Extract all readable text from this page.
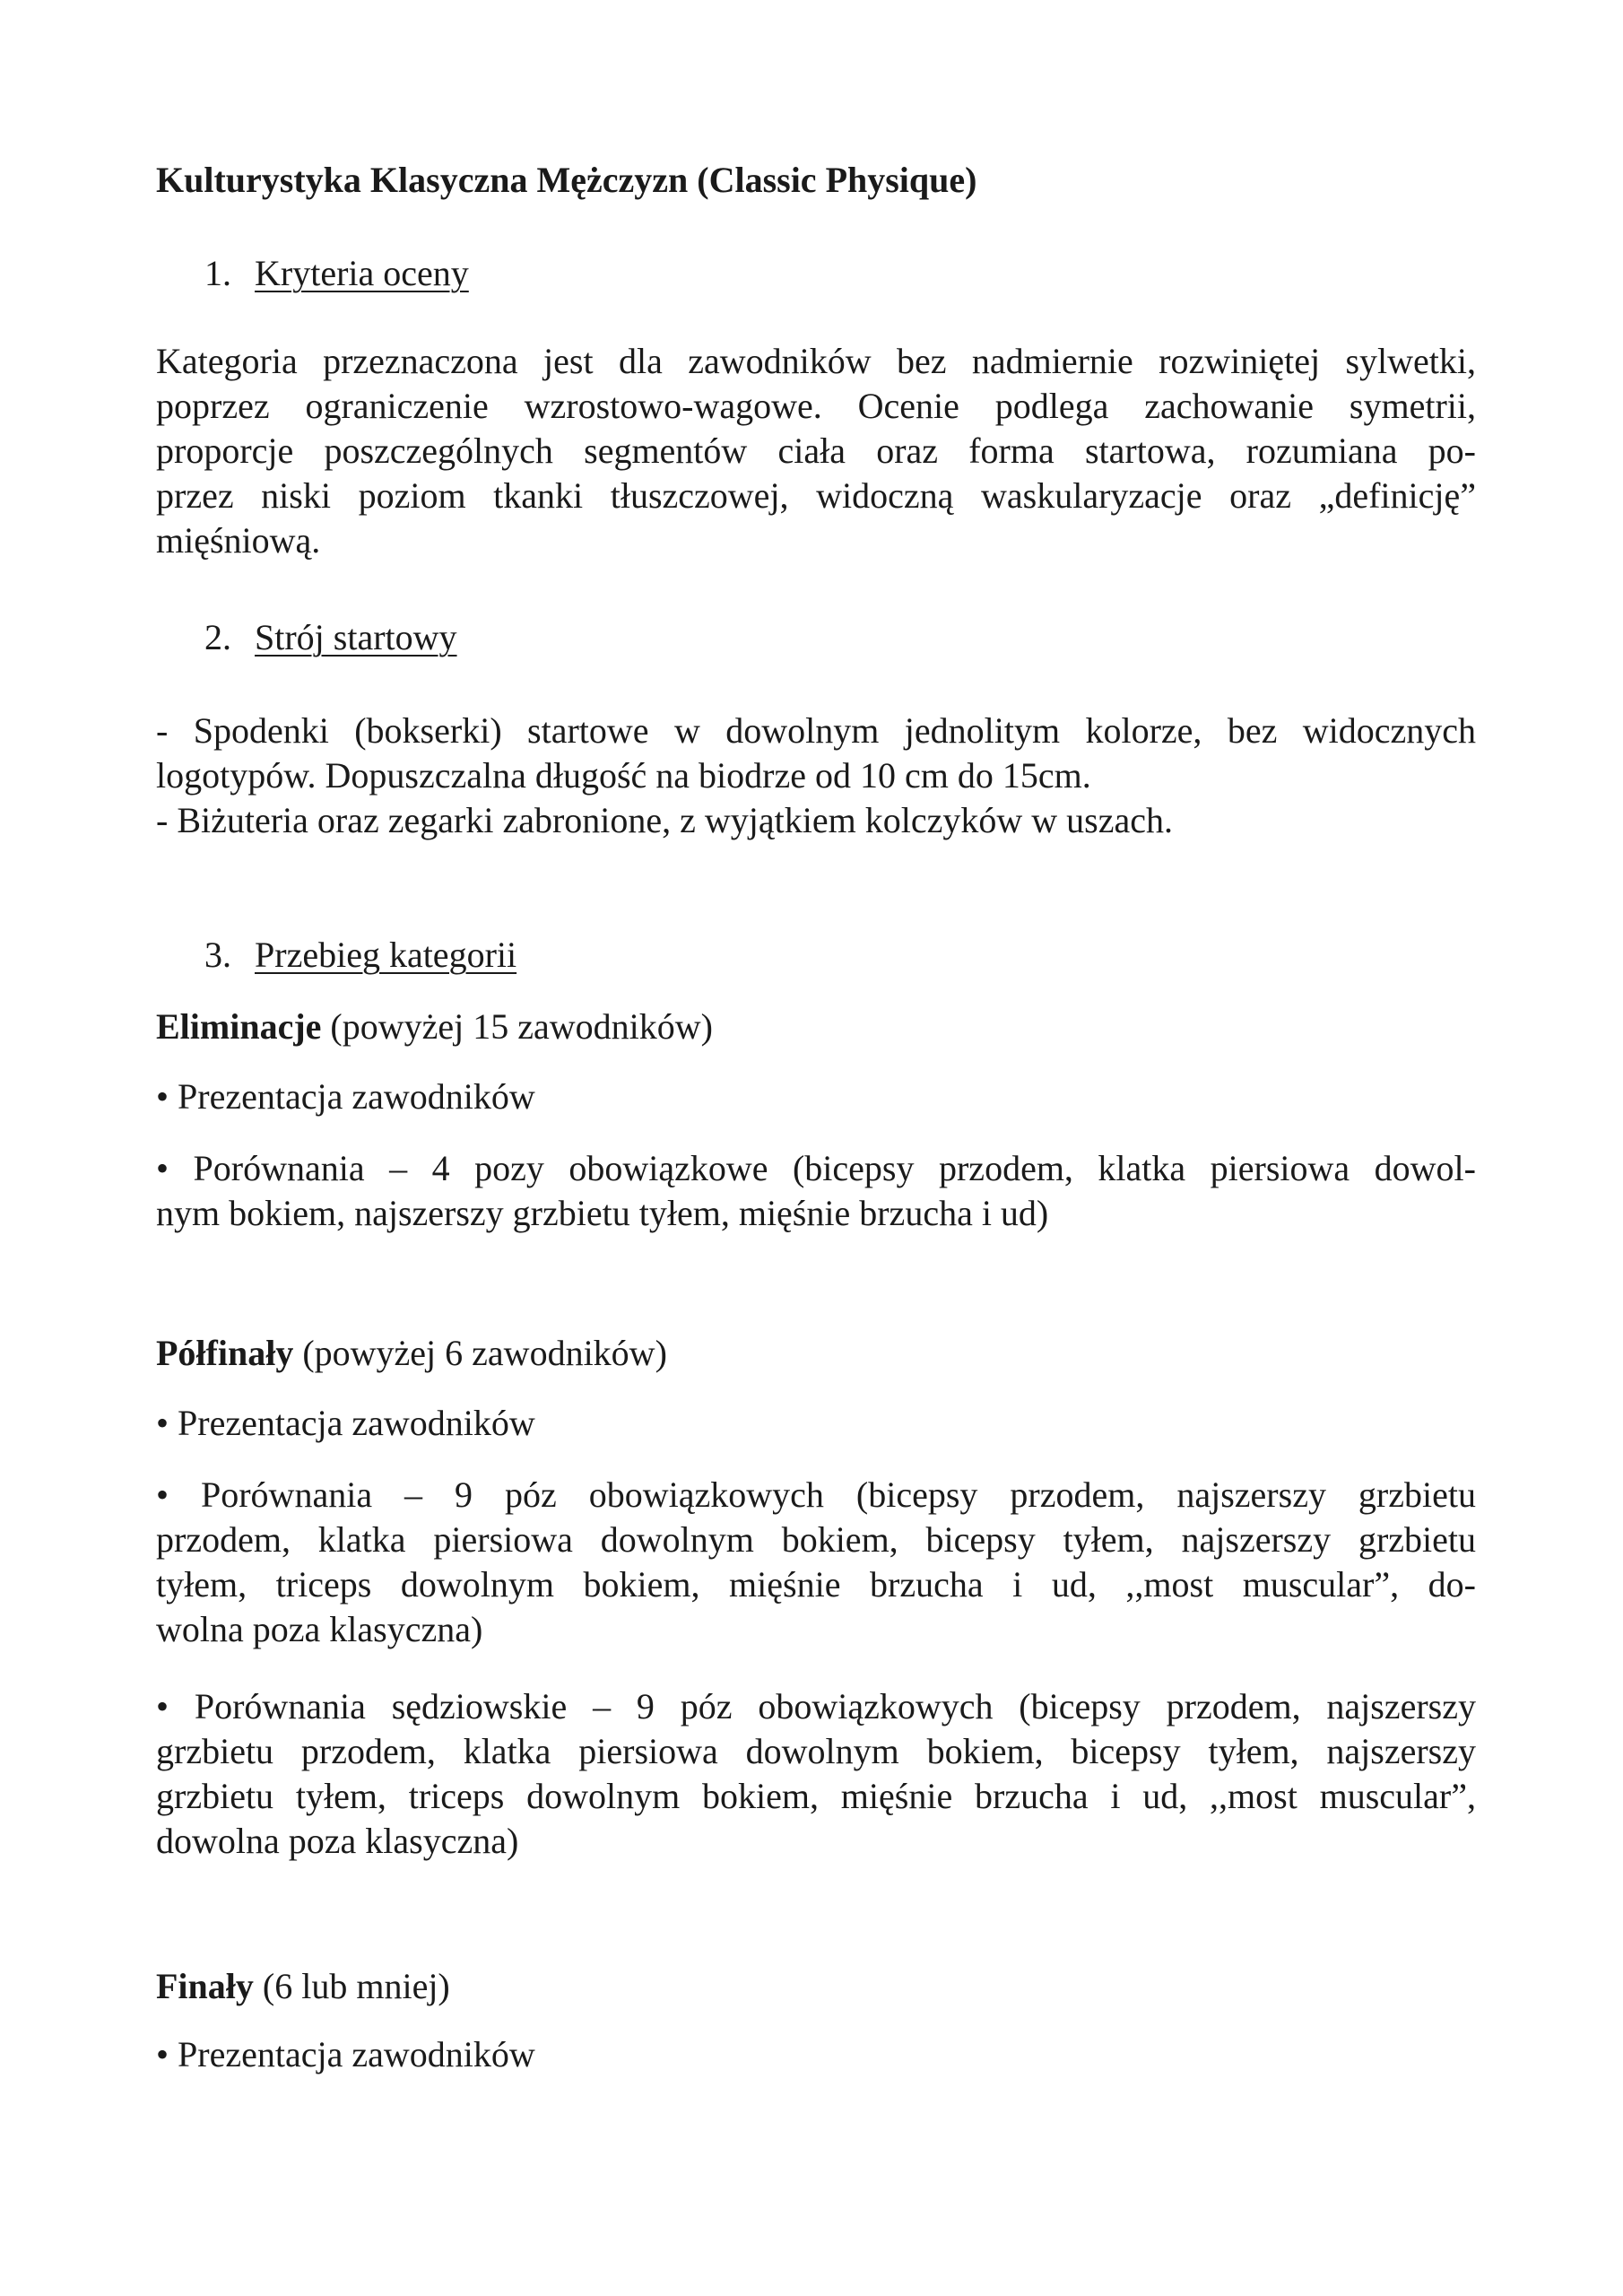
Kulturystyka Klasyczna Mężczyzn (Classic Physique)
1. Kryteria oceny
Kategoria przeznaczona jest dla zawodników bez nadmiernie rozwiniętej sylwetki,
poprzez ograniczenie wzrostowo-wagowe. Ocenie podlega zachowanie symetrii,
proporcje poszczególnych segmentów ciała oraz forma startowa, rozumiana po-
przez niski poziom tkanki tłuszczowej, widoczną waskularyzacje oraz „definicję”
mięśniową.
2. Strój startowy
- Spodenki (bokserki) startowe w dowolnym jednolitym kolorze, bez widocznych
logotypów. Dopuszczalna długość na biodrze od 10 cm do 15cm.
- Biżuteria oraz zegarki zabronione, z wyjątkiem kolczyków w uszach.
3. Przebieg kategorii
Eliminacje (powyżej 15 zawodników)
• Prezentacja zawodników
• Porównania – 4 pozy obowiązkowe (bicepsy przodem, klatka piersiowa dowol-
nym bokiem, najszerszy grzbietu tyłem, mięśnie brzucha i ud)
Półfinały (powyżej 6 zawodników)
• Prezentacja zawodników
• Porównania – 9 póz obowiązkowych (bicepsy przodem, najszerszy grzbietu
przodem, klatka piersiowa dowolnym bokiem, bicepsy tyłem, najszerszy grzbietu
tyłem, triceps dowolnym bokiem, mięśnie brzucha i ud, ,,most muscular”, do-
wolna poza klasyczna)
• Porównania sędziowskie – 9 póz obowiązkowych (bicepsy przodem, najszerszy
grzbietu przodem, klatka piersiowa dowolnym bokiem, bicepsy tyłem, najszerszy
grzbietu tyłem, triceps dowolnym bokiem, mięśnie brzucha i ud, ,,most muscular”,
dowolna poza klasyczna)
Finały (6 lub mniej)
• Prezentacja zawodników
